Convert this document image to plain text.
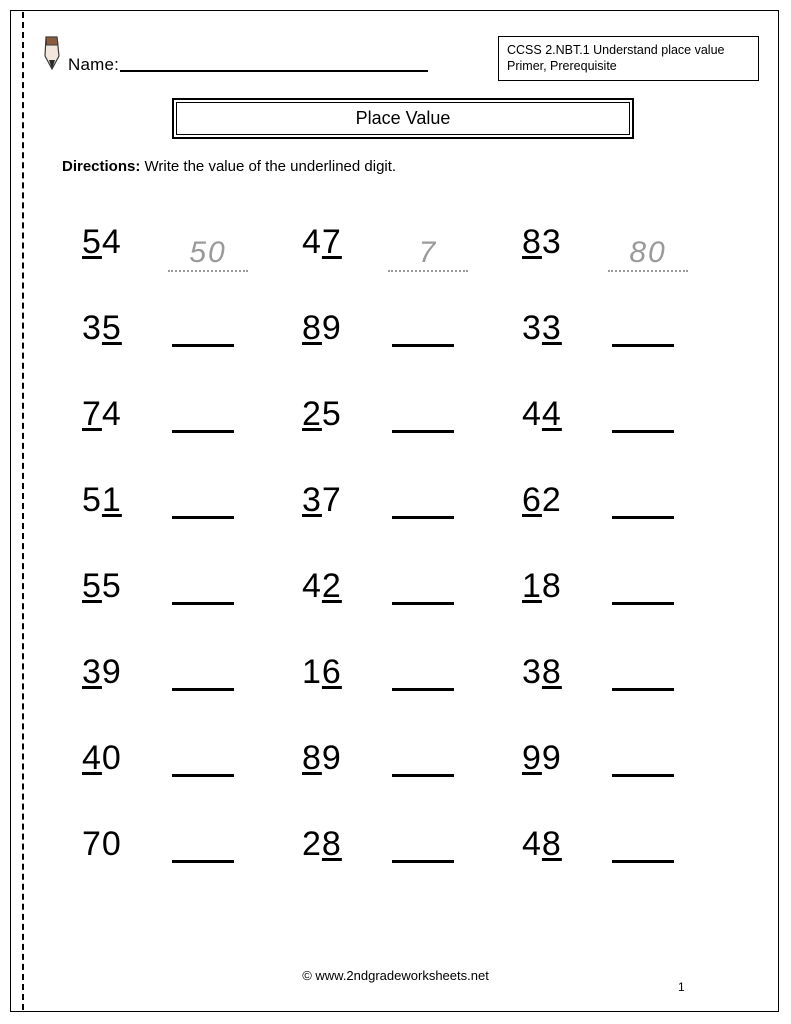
Name:
CCSS 2.NBT.1 Understand place value
Primer, Prerequisite
Place Value
Directions: Write the value of the underlined digit.
54	50	47	7	83	80
35	89	33
74	25	44
51	37	62
55	42	18
39	16	38
40	89	99
70	28	48
© www.2ndgradeworksheets.net
1
